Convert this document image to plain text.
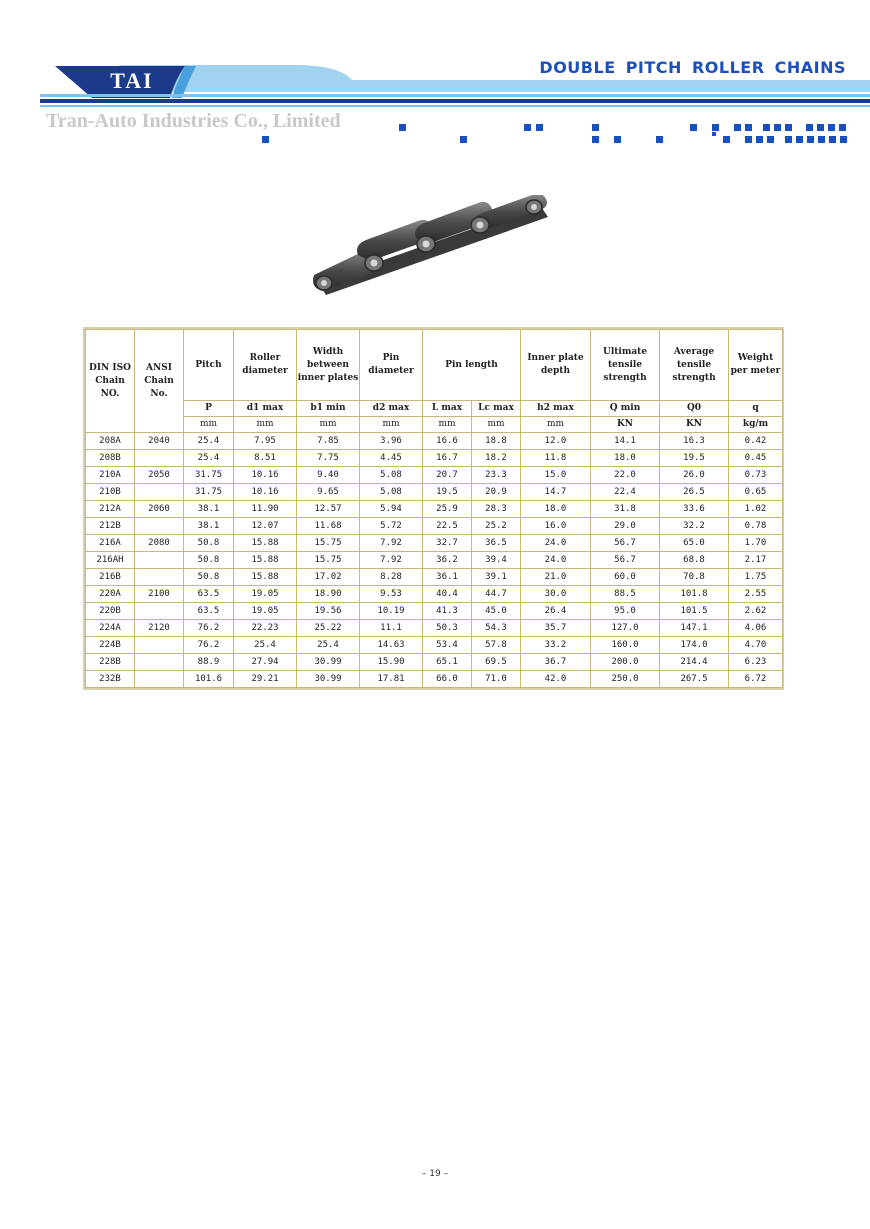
TAI
DOUBLE PITCH ROLLER CHAINS
Tran-Auto Industries Co., Limited
DIN ISO Chain NO.	ANSI Chain No.	Pitch	Roller diameter	Width between inner plates	Pin diameter	Pin length		Inner plate depth	Ultimate tensile strength	Average tensile strength	Weight per meter
		P	d1 max	b1 min	d2 max	L max	Lc max	h2 max	Q min	Q0	q
		mm	mm	mm	mm	mm	mm	mm	KN	KN	kg/m
208A	2040	25.4	7.95	7.85	3.96	16.6	18.8	12.0	14.1	16.3	0.42
208B		25.4	8.51	7.75	4.45	16.7	18.2	11.8	18.0	19.5	0.45
210A	2050	31.75	10.16	9.40	5.08	20.7	23.3	15.0	22.0	26.0	0.73
210B		31.75	10.16	9.65	5.08	19.5	20.9	14.7	22.4	26.5	0.65
212A	2060	38.1	11.90	12.57	5.94	25.9	28.3	18.0	31.8	33.6	1.02
212B		38.1	12.07	11.68	5.72	22.5	25.2	16.0	29.0	32.2	0.78
216A	2080	50.8	15.88	15.75	7.92	32.7	36.5	24.0	56.7	65.0	1.70
216AH		50.8	15.88	15.75	7.92	36.2	39.4	24.0	56.7	68.8	2.17
216B		50.8	15.88	17.02	8.28	36.1	39.1	21.0	60.0	70.8	1.75
220A	2100	63.5	19.05	18.90	9.53	40.4	44.7	30.0	88.5	101.8	2.55
220B		63.5	19.05	19.56	10.19	41.3	45.0	26.4	95.0	101.5	2.62
224A	2120	76.2	22.23	25.22	11.1	50.3	54.3	35.7	127.0	147.1	4.06
224B		76.2	25.4	25.4	14.63	53.4	57.8	33.2	160.0	174.0	4.70
228B		88.9	27.94	30.99	15.90	65.1	69.5	36.7	200.0	214.4	6.23
232B		101.6	29.21	30.99	17.81	66.0	71.0	42.0	250.0	267.5	6.72
– 19 –
